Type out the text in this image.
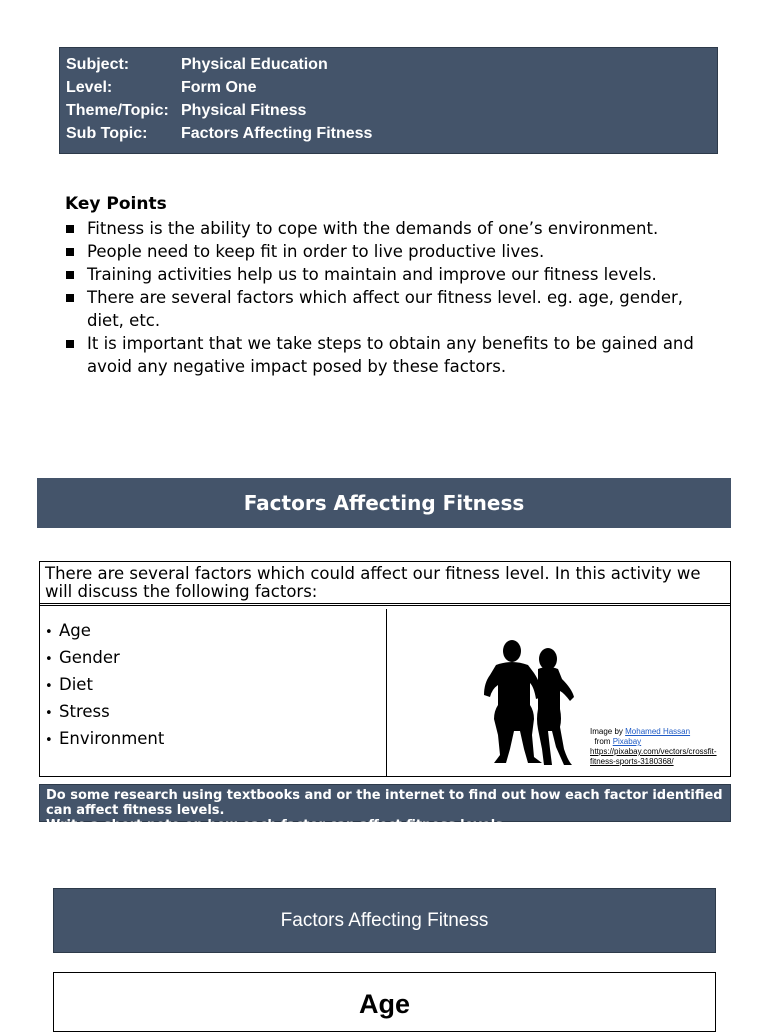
Subject:	Physical Education
Level:	Form One
Theme/Topic: Physical Fitness
Sub Topic:	Factors Affecting Fitness
Key Points
Fitness is the ability to cope with the demands of one’s environment.
People need to keep fit in order to live productive lives.
Training activities help us to maintain and improve our fitness levels.
There are several factors which affect our fitness level. eg. age, gender, diet, etc.
It is important that we take steps to obtain any benefits to be gained and avoid any negative impact posed by these factors.
Factors Affecting Fitness
There are several factors which could affect our fitness level. In this activity we will discuss the following factors:
• Age
• Gender
• Diet
• Stress
• Environment	Image by Mohamed Hassan
from Pixabay
https://pixabay.com/vectors/crossfit-fitness-sports-3180368/
Do some research using textbooks and or the internet to find out how each factor identified can affect fitness levels.
Write a short note on how each factor can affect fitness levels.
Factors Affecting Fitness
Age
